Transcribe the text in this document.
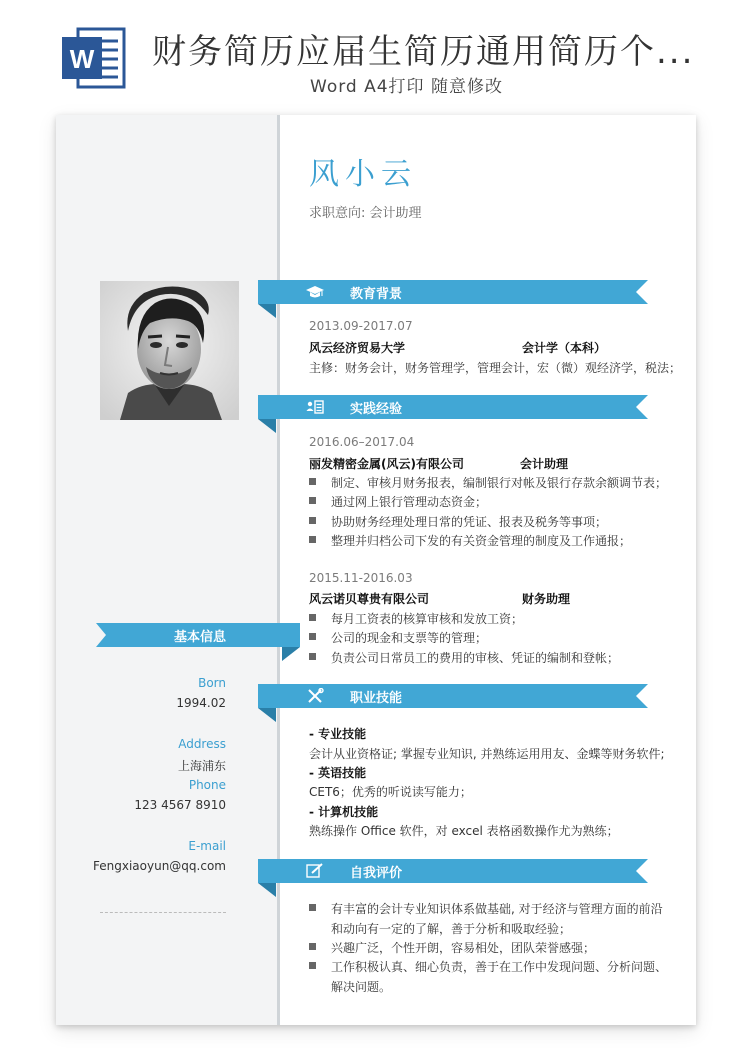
W 财务简历应届生简历通用简历个...
Word A4打印 随意修改
风小云
求职意向: 会计助理
教育背景
2013.09-2017.07
风云经济贸易大学	会计学（本科）
主修：财务会计，财务管理学，管理会计，宏（微）观经济学，税法；
实践经验
2016.06–2017.04
丽发精密金属(风云)有限公司	会计助理
制定、审核月财务报表，编制银行对帐及银行存款余额调节表；
通过网上银行管理动态资金；
协助财务经理处理日常的凭证、报表及税务等事项；
整理并归档公司下发的有关资金管理的制度及工作通报；
2015.11-2016.03
风云诺贝尊贵有限公司	财务助理
每月工资表的核算审核和发放工资；
公司的现金和支票等的管理；
负责公司日常员工的费用的审核、凭证的编制和登帐；
基本信息
Born
1994.02
Address
上海浦东
Phone
123 4567 8910
E-mail
Fengxiaoyun@qq.com
职业技能
- 专业技能
会计从业资格证; 掌握专业知识, 并熟练运用用友、金蝶等财务软件;
- 英语技能
CET6；优秀的听说读写能力；
- 计算机技能
熟练操作 Office 软件，对 excel 表格函数操作尤为熟练；
自我评价
有丰富的会计专业知识体系做基础, 对于经济与管理方面的前沿
和动向有一定的了解，善于分析和吸取经验；
兴趣广泛，个性开朗，容易相处，团队荣誉感强；
工作积极认真、细心负责，善于在工作中发现问题、分析问题、
解决问题。
